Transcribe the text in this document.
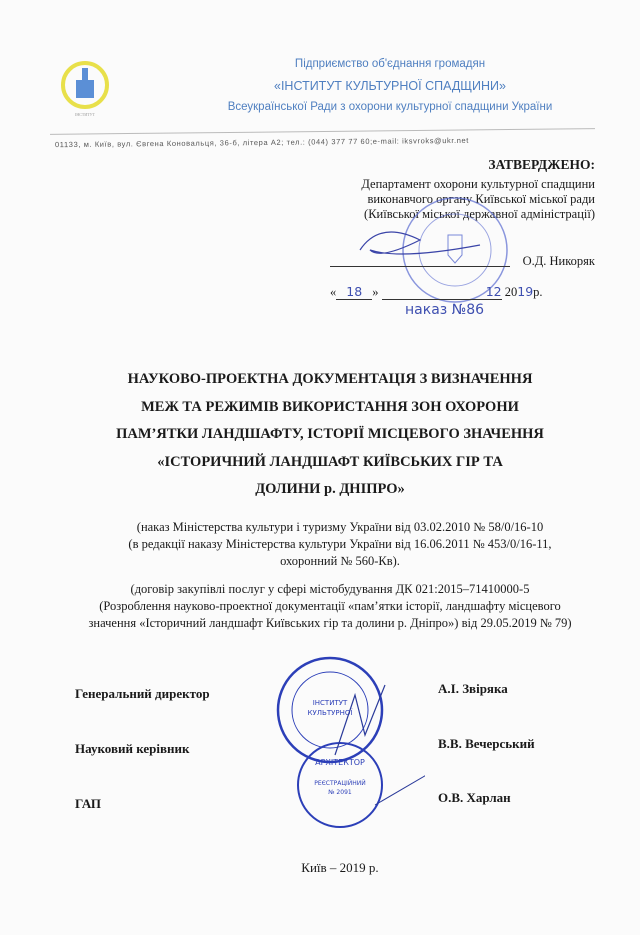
ІНСТИТУТ
Підприємство об'єднання громадян
«ІНСТИТУТ КУЛЬТУРНОЇ СПАДЩИНИ»
Всеукраїнської Ради з охорони культурної спадщини України
01133, м. Київ, вул. Євгена Коновальця, 36-б, літера А2; тел.: (044) 377 77 60;e-mail: iksvroks@ukr.net
ЗАТВЕРДЖЕНО:
Департамент охорони культурної спадщини
виконавчого органу Київської міської ради
(Київської міської державної адміністрації)
О.Д. Никоряк
« 18 »	12 2019р.
наказ №86
НАУКОВО-ПРОЕКТНА ДОКУМЕНТАЦІЯ З ВИЗНАЧЕННЯ
МЕЖ ТА РЕЖИМІВ ВИКОРИСТАННЯ ЗОН ОХОРОНИ
ПАМ’ЯТКИ ЛАНДШАФТУ, ІСТОРІЇ МІСЦЕВОГО ЗНАЧЕННЯ
«ІСТОРИЧНИЙ ЛАНДШАФТ КИЇВСЬКИХ ГІР ТА
ДОЛИНИ р. ДНІПРО»
(наказ Міністерства культури і туризму України від 03.02.2010 № 58/0/16-10
(в редакції наказу Міністерства культури України від 16.06.2011 № 453/0/16-11,
охоронний № 560-Кв).
(договір закупівлі послуг у сфері містобудування ДК 021:2015–71410000-5
(Розроблення науково-проектної документації «пам’ятки історії, ландшафту місцевого
значення «Історичний ландшафт Київських гір та долини р. Дніпро») від 29.05.2019 № 79)
ІНСТИТУТ
КУЛЬТУРНОЇ
АРХІТЕКТОР
РЕЄСТРАЦІЙНИЙ
№ 2091
Генеральний директор	А.І. Звіряка
Науковий керівник	В.В. Вечерський
ГАП	О.В. Харлан
Київ – 2019 р.
